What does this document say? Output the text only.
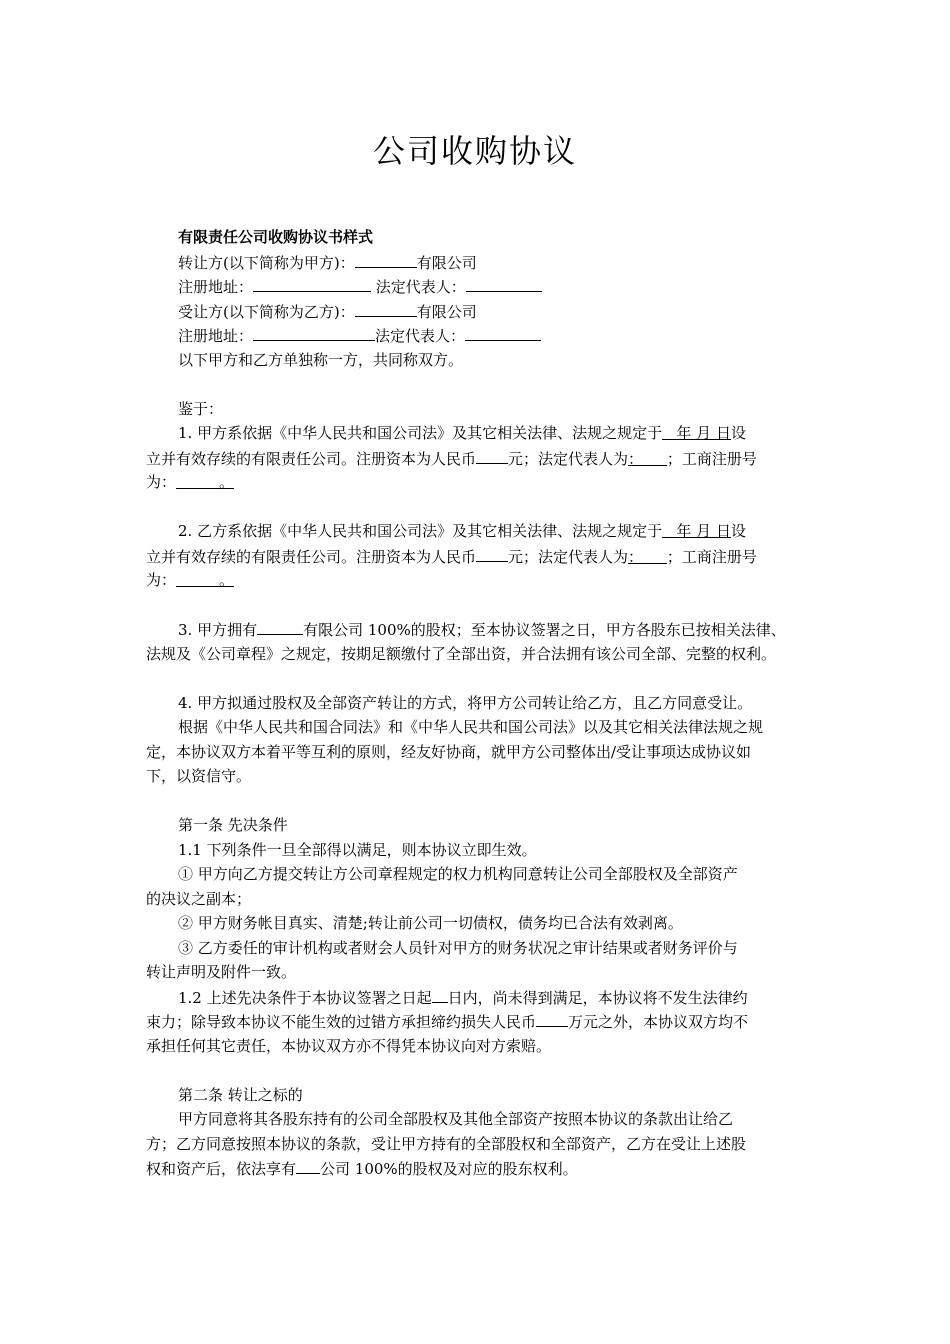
公司收购协议
有限责任公司收购协议书样式
转让方(以下简称为甲方)：	有限公司
注册地址：	法定代表人：
受让方(以下简称为乙方)：	有限公司
注册地址：	法定代表人：
以下甲方和乙方单独称一方，共同称双方。
鉴于：
1. 甲方系依据《中华人民共和国公司法》及其它相关法律、法规之规定于 年 月 日设
立并有效存续的有限责任公司。注册资本为人民币 元；法定代表人为： ；工商注册号
为：	。
2. 乙方系依据《中华人民共和国公司法》及其它相关法律、法规之规定于 年 月 日设
立并有效存续的有限责任公司。注册资本为人民币 元；法定代表人为： ；工商注册号
为：	。
3. 甲方拥有	有限公司 100%的股权；至本协议签署之日，甲方各股东已按相关法律、
法规及《公司章程》之规定，按期足额缴付了全部出资，并合法拥有该公司全部、完整的权利。
4. 甲方拟通过股权及全部资产转让的方式，将甲方公司转让给乙方，且乙方同意受让。
根据《中华人民共和国合同法》和《中华人民共和国公司法》以及其它相关法律法规之规
定，本协议双方本着平等互利的原则，经友好协商，就甲方公司整体出/受让事项达成协议如
下，以资信守。
第一条 先决条件
1.1 下列条件一旦全部得以满足，则本协议立即生效。
① 甲方向乙方提交转让方公司章程规定的权力机构同意转让公司全部股权及全部资产
的决议之副本；
② 甲方财务帐目真实、清楚;转让前公司一切债权，债务均已合法有效剥离。
③ 乙方委任的审计机构或者财会人员针对甲方的财务状况之审计结果或者财务评价与
转让声明及附件一致。
1.2 上述先决条件于本协议签署之日起 日内，尚未得到满足，本协议将不发生法律约
束力；除导致本协议不能生效的过错方承担缔约损失人民币 万元之外，本协议双方均不
承担任何其它责任，本协议双方亦不得凭本协议向对方索赔。
第二条 转让之标的
甲方同意将其各股东持有的公司全部股权及其他全部资产按照本协议的条款出让给乙
方；乙方同意按照本协议的条款，受让甲方持有的全部股权和全部资产，乙方在受让上述股
权和资产后，依法享有 公司 100%的股权及对应的股东权利。
